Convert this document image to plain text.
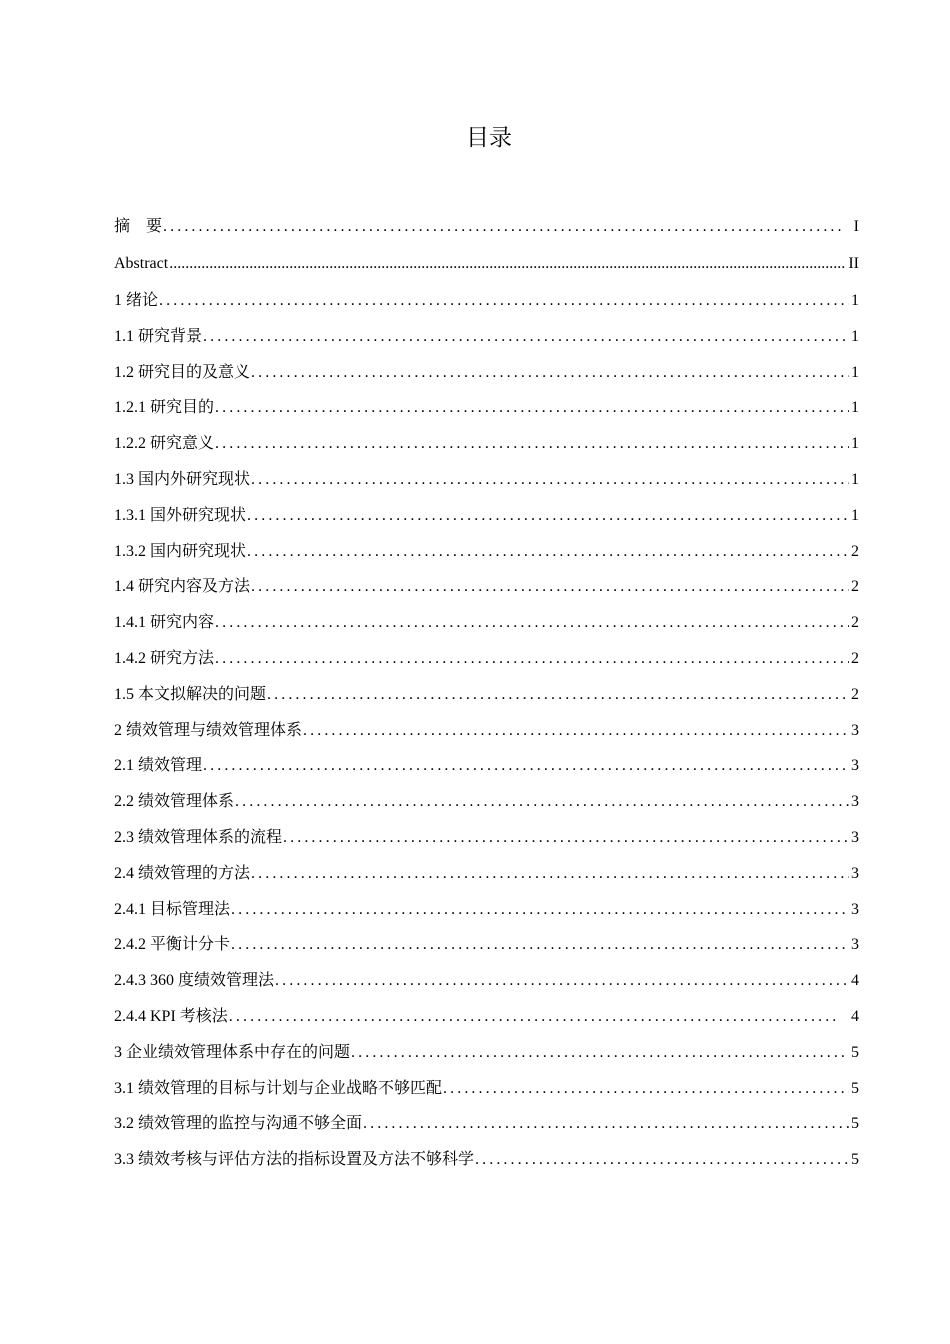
目录
摘　要 .....	I
Abstract .....	II
1 绪论 .....	1
1.1 研究背景 .....	1
1.2 研究目的及意义 .....	1
1.2.1 研究目的 .....	1
1.2.2 研究意义 .....	1
1.3 国内外研究现状 .....	1
1.3.1 国外研究现状 .....	1
1.3.2 国内研究现状 .....	2
1.4 研究内容及方法 .....	2
1.4.1 研究内容 .....	2
1.4.2 研究方法 .....	2
1.5 本文拟解决的问题 .....	2
2 绩效管理与绩效管理体系 .....	3
2.1 绩效管理 .....	3
2.2 绩效管理体系 .....	3
2.3 绩效管理体系的流程 .....	3
2.4 绩效管理的方法 .....	3
2.4.1 目标管理法 .....	3
2.4.2 平衡计分卡 .....	3
2.4.3 360 度绩效管理法 .....	4
2.4.4 KPI 考核法 .....	4
3 企业绩效管理体系中存在的问题 .....	5
3.1 绩效管理的目标与计划与企业战略不够匹配 .....	5
3.2 绩效管理的监控与沟通不够全面 .....	5
3.3 绩效考核与评估方法的指标设置及方法不够科学 .....	5
